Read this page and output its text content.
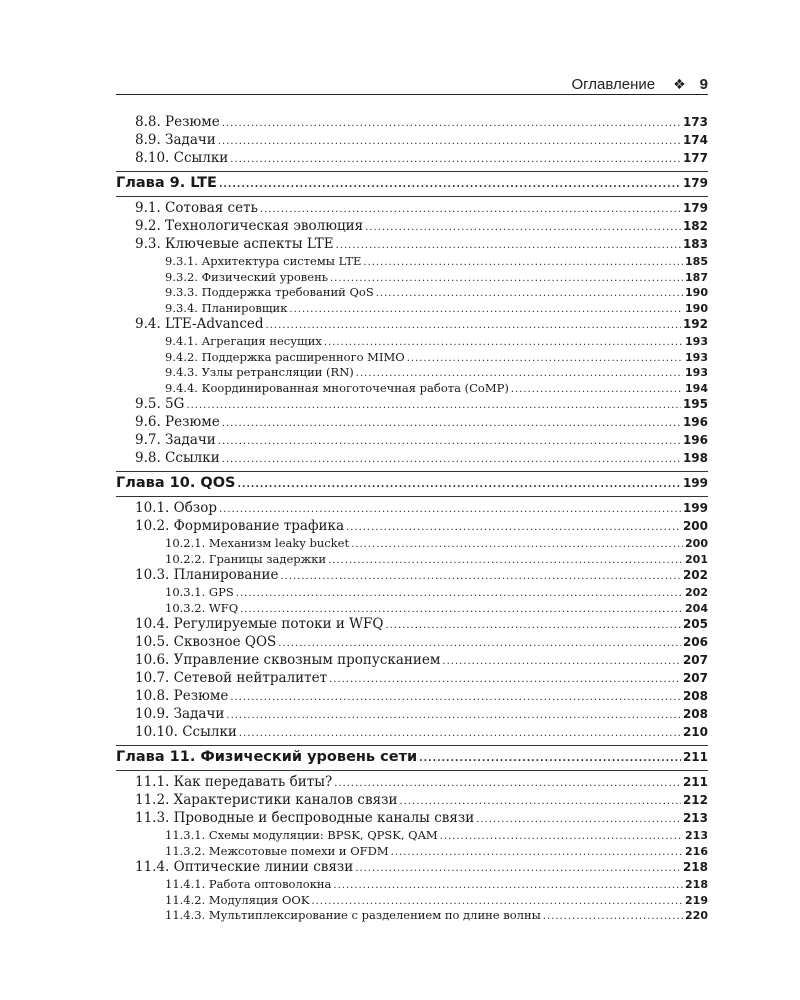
Оглавление ❖ 9
8.8. Резюме .....	173
8.9. Задачи .....	174
8.10. Ссылки .....	177
Глава 9. LTE .....	179
9.1. Сотовая сеть .....	179
9.2. Технологическая эволюция .....	182
9.3. Ключевые аспекты LTE .....	183
9.3.1. Архитектура системы LTE .....	185
9.3.2. Физический уровень .....	187
9.3.3. Поддержка требований QoS .....	190
9.3.4. Планировщик .....	190
9.4. LTE-Advanced .....	192
9.4.1. Агрегация несущих .....	193
9.4.2. Поддержка расширенного MIMO .....	193
9.4.3. Узлы ретрансляции (RN) .....	193
9.4.4. Координированная многоточечная работа (CoMP) .....	194
9.5. 5G .....	195
9.6. Резюме .....	196
9.7. Задачи .....	196
9.8. Ссылки .....	198
Глава 10. QOS .....	199
10.1. Обзор .....	199
10.2. Формирование трафика .....	200
10.2.1. Механизм leaky bucket .....	200
10.2.2. Границы задержки .....	201
10.3. Планирование .....	202
10.3.1. GPS .....	202
10.3.2. WFQ .....	204
10.4. Регулируемые потоки и WFQ .....	205
10.5. Сквозное QOS .....	206
10.6. Управление сквозным пропусканием .....	207
10.7. Сетевой нейтралитет .....	207
10.8. Резюме .....	208
10.9. Задачи .....	208
10.10. Ссылки .....	210
Глава 11. Физический уровень сети .....	211
11.1. Как передавать биты? .....	211
11.2. Характеристики каналов связи .....	212
11.3. Проводные и беспроводные каналы связи .....	213
11.3.1. Схемы модуляции: BPSK, QPSK, QAM .....	213
11.3.2. Межсотовые помехи и OFDM .....	216
11.4. Оптические линии связи .....	218
11.4.1. Работа оптоволокна .....	218
11.4.2. Модуляция OOK .....	219
11.4.3. Мультиплексирование с разделением по длине волны .....	220
